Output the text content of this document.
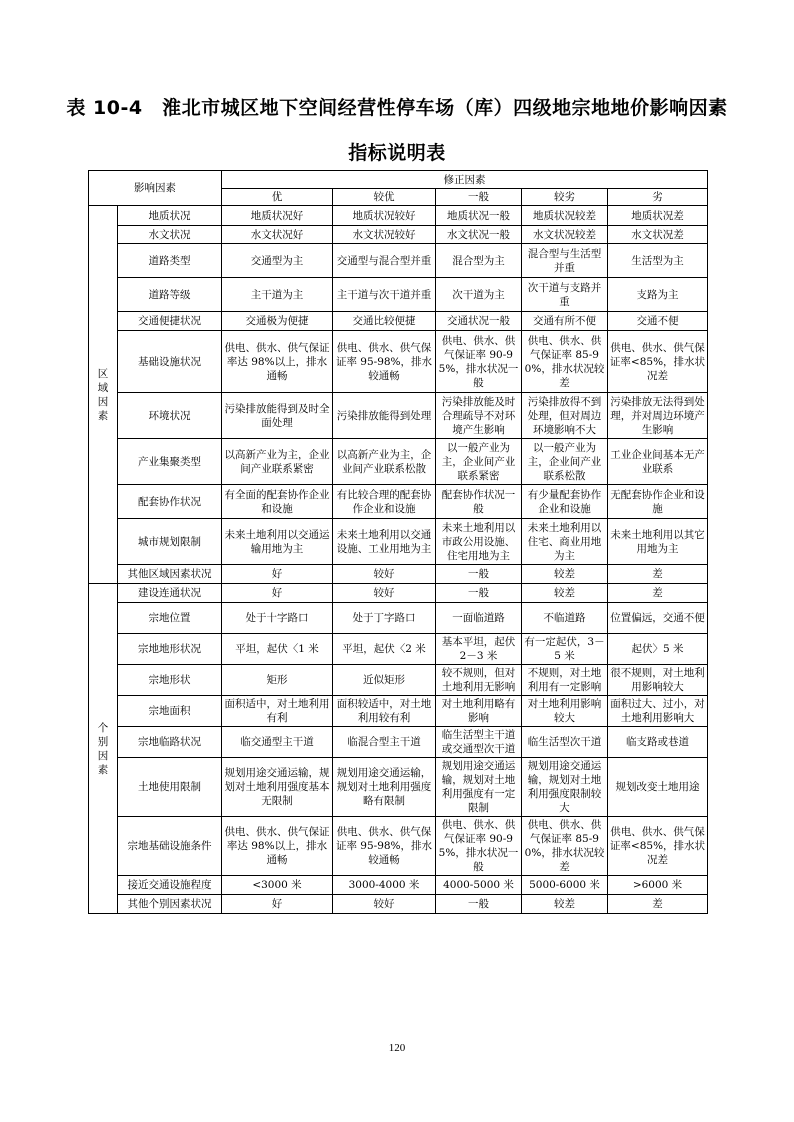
表 10-4　淮北市城区地下空间经营性停车场（库）四级地宗地地价影响因素
指标说明表
影响因素		修正因素				
		优	较优	一般	较劣	劣

区
域
因
素	地质状况	地质状况好	地质状况较好	地质状况一般	地质状况较差	地质状况差
	水文状况	水文状况好	水文状况较好	水文状况一般	水文状况较差	水文状况差
	道路类型	交通型为主	交通型与混合型并重	混合型为主	混合型与生活型并重	生活型为主
	道路等级	主干道为主	主干道与次干道并重	次干道为主	次干道与支路并重	支路为主
	交通便捷状况	交通极为便捷	交通比较便捷	交通状况一般	交通有所不便	交通不便
	基础设施状况	供电、供水、供气保证率达 98%以上，排水通畅	供电、供水、供气保证率 95-98%，排水较通畅	供电、供水、供气保证率 90-95%，排水状况一般	供电、供水、供气保证率 85-90%，排水状况较差	供电、供水、供气保证率<85%，排水状况差
	环境状况	污染排放能得到及时全面处理	污染排放能得到处理	污染排放能及时合理疏导不对环境产生影响	污染排放得不到处理，但对周边环境影响不大	污染排放无法得到处理，并对周边环境产生影响
	产业集聚类型	以高新产业为主，企业间产业联系紧密	以高新产业为主，企业间产业联系松散	以一般产业为主，企业间产业联系紧密	以一般产业为主，企业间产业联系松散	工业企业间基本无产业联系
	配套协作状况	有全面的配套协作企业和设施	有比较合理的配套协作企业和设施	配套协作状况一般	有少量配套协作企业和设施	无配套协作企业和设施
	城市规划限制	未来土地利用以交通运输用地为主	未来土地利用以交通设施、工业用地为主	未来土地利用以市政公用设施、住宅用地为主	未来土地利用以住宅、商业用地为主	未来土地利用以其它用地为主
	其他区域因素状况	好	较好	一般	较差	差

个
别
因
素	建设连通状况	好	较好	一般	较差	差
	宗地位置	处于十字路口	处于丁字路口	一面临道路	不临道路	位置偏远，交通不便
	宗地地形状况	平坦，起伏〈1 米	平坦，起伏〈2 米	基本平坦，起伏 2－3 米	有一定起伏，3－5 米	起伏〉5 米
	宗地形状	矩形	近似矩形	较不规则，但对土地利用无影响	不规则，对土地利用有一定影响	很不规则，对土地利用影响较大
	宗地面积	面积适中，对土地利用有利	面积较适中，对土地利用较有利	对土地利用略有影响	对土地利用影响较大	面积过大、过小，对土地利用影响大
	宗地临路状况	临交通型主干道	临混合型主干道	临生活型主干道或交通型次干道	临生活型次干道	临支路或巷道
	土地使用限制	规划用途交通运输，规划对土地利用强度基本无限制	规划用途交通运输，规划对土地利用强度略有限制	规划用途交通运输，规划对土地利用强度有一定限制	规划用途交通运输，规划对土地利用强度限制较大	规划改变土地用途
	宗地基础设施条件	供电、供水、供气保证率达 98%以上，排水通畅	供电、供水、供气保证率 95-98%，排水较通畅	供电、供水、供气保证率 90-95%，排水状况一般	供电、供水、供气保证率 85-90%，排水状况较差	供电、供水、供气保证率<85%，排水状况差
	接近交通设施程度	<3000 米	3000-4000 米	4000-5000 米	5000-6000 米	>6000 米
	其他个别因素状况	好	较好	一般	较差	差
120
